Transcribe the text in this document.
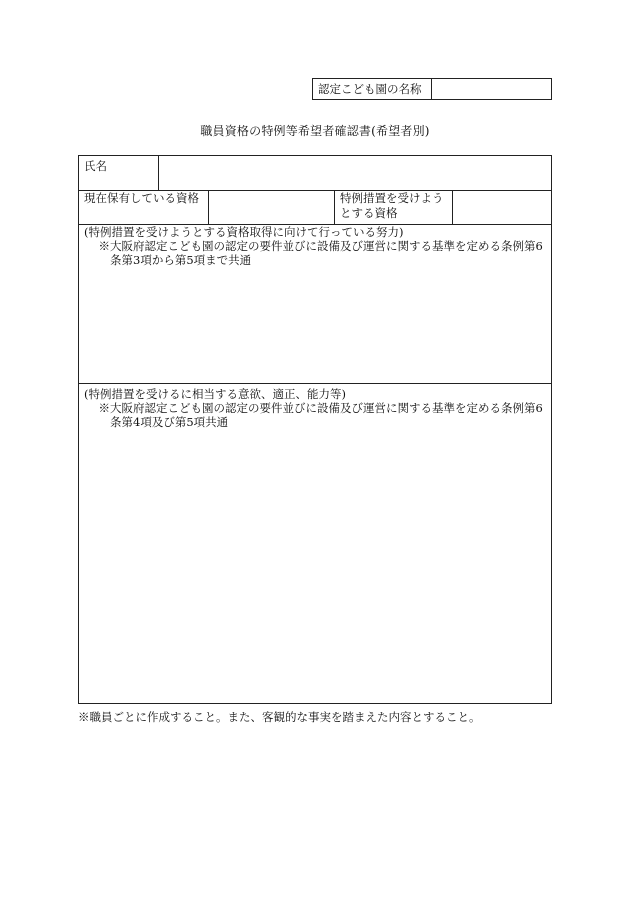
認定こども園の名称
職員資格の特例等希望者確認書(希望者別)
氏名
現在保有している資格	特例措置を受けようとする資格
(特例措置を受けようとする資格取得に向けて行っている努力)
※大阪府認定こども園の認定の要件並びに設備及び運営に関する基準を定める条例第6条第3項から第5項まで共通
(特例措置を受けるに相当する意欲、適正、能力等)
※大阪府認定こども園の認定の要件並びに設備及び運営に関する基準を定める条例第6条第4項及び第5項共通
※職員ごとに作成すること。また、客観的な事実を踏まえた内容とすること。
